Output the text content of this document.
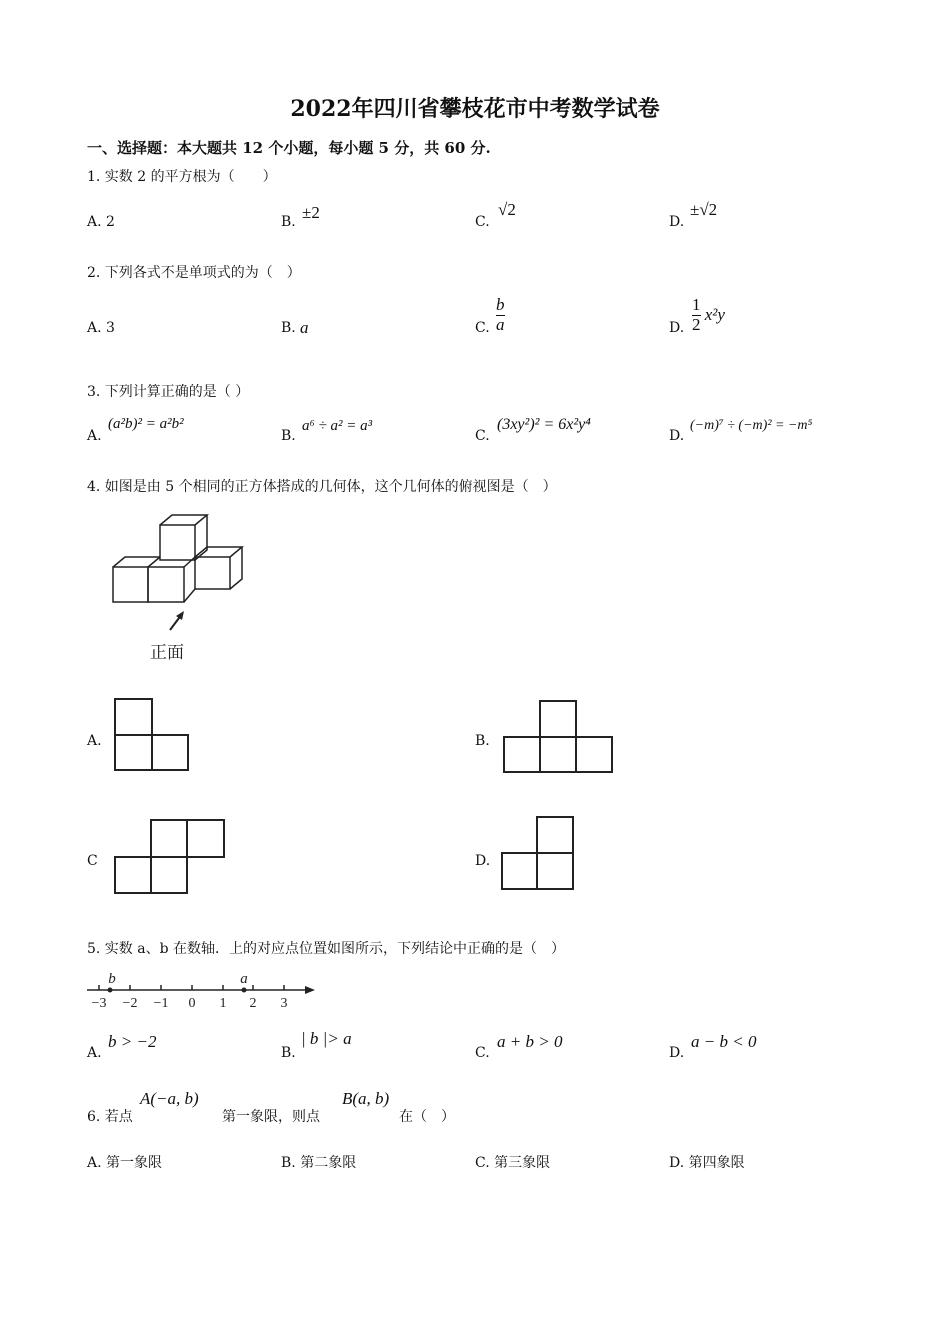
2022年四川省攀枝花市中考数学试卷
一、选择题：本大题共 12 个小题，每小题 5 分，共 60 分.
1. 实数 2 的平方根为（　　）
A. 2	B. ±2	C.
√2
D.
±√2
2. 下列各式不是单项式的为（　）
A. 3	B. a	C. $\frac{b}{a}$	D. $\frac{1}{2} x^2y$
3. 下列计算正确的是（ ）
A.
(a²b)² = a²b²
B.
a⁶ ÷ a² = a³
C.
(3xy²)² = 6x²y⁴
D.
(−m)⁷ ÷ (−m)² = −m⁵
4. 如图是由 5 个相同的正方体搭成的几何体，这个几何体的俯视图是（　）
正面
A.	B.
C	D.
5. 实数 a、b 在数轴．上的对应点位置如图所示，下列结论中正确的是（　）
−3 −2 −1 0 1 2 3
b	a
A.
b > −2
B.
| b |> a
C.
a + b > 0
D.
a − b < 0
6. 若点
A(−a, b)
第一象限，则点
B(a, b)
在（　）
A. 第一象限	B. 第二象限	C. 第三象限	D. 第四象限
